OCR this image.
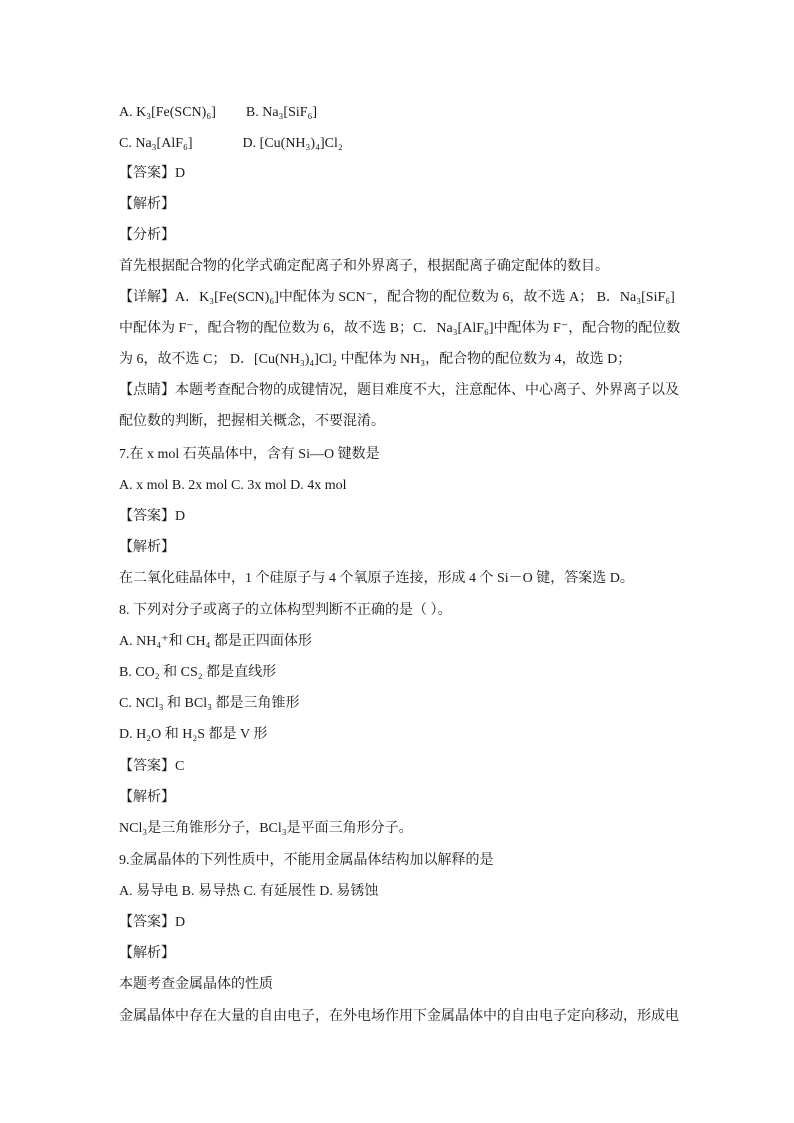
A. K₃[Fe(SCN)₆] B. Na₃[SiF₆]
C. Na₃[AlF₆]	D. [Cu(NH₃)₄]Cl₂
【答案】D
【解析】
【分析】
首先根据配合物的化学式确定配离子和外界离子，根据配离子确定配体的数目。
【详解】A．K₃[Fe(SCN)₆]中配体为 SCN⁻，配合物的配位数为 6，故不选 A； B．Na₃[SiF₆]
中配体为 F⁻，配合物的配位数为 6，故不选 B；C．Na₃[AlF₆]中配体为 F⁻，配合物的配位数
为 6，故不选 C； D．[Cu(NH₃)₄]Cl₂ 中配体为 NH₃，配合物的配位数为 4，故选 D；
【点睛】本题考查配合物的成键情况，题目难度不大，注意配体、中心离子、外界离子以及
配位数的判断，把握相关概念，不要混淆。
7.在 x mol 石英晶体中，含有 Si—O 键数是
A. x mol B. 2x mol C. 3x mol D. 4x mol
【答案】D
【解析】
在二氧化硅晶体中，1 个硅原子与 4 个氧原子连接，形成 4 个 Si－O 键，答案选 D。
8. 下列对分子或离子的立体构型判断不正确的是（ ）。
A. NH₄⁺和 CH₄ 都是正四面体形
B. CO₂ 和 CS₂ 都是直线形
C. NCl₃ 和 BCl₃ 都是三角锥形
D. H₂O 和 H₂S 都是 V 形
【答案】C
【解析】
NCl₃是三角锥形分子，BCl₃是平面三角形分子。
9.金属晶体的下列性质中，不能用金属晶体结构加以解释的是
A. 易导电 B. 易导热 C. 有延展性 D. 易锈蚀
【答案】D
【解析】
本题考查金属晶体的性质
金属晶体中存在大量的自由电子，在外电场作用下金属晶体中的自由电子定向移动，形成电
